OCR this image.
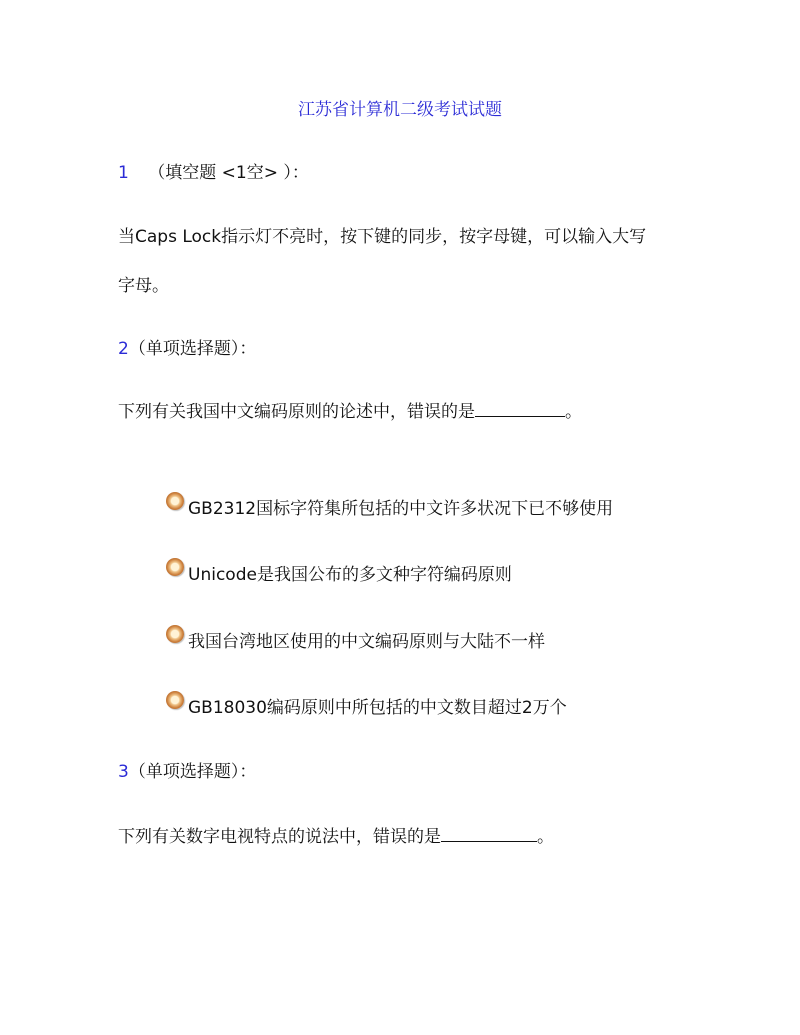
江苏省计算机二级考试试题
1 （填空题 <1空> ）：
当Caps Lock指示灯不亮时，按下键的同步，按字母键，可以输入大写
字母。
2（单项选择题）：
下列有关我国中文编码原则的论述中，错误的是	。
GB2312国标字符集所包括的中文许多状况下已不够使用
Unicode是我国公布的多文种字符编码原则
我国台湾地区使用的中文编码原则与大陆不一样
GB18030编码原则中所包括的中文数目超过2万个
3（单项选择题）：
下列有关数字电视特点的说法中，错误的是	。
